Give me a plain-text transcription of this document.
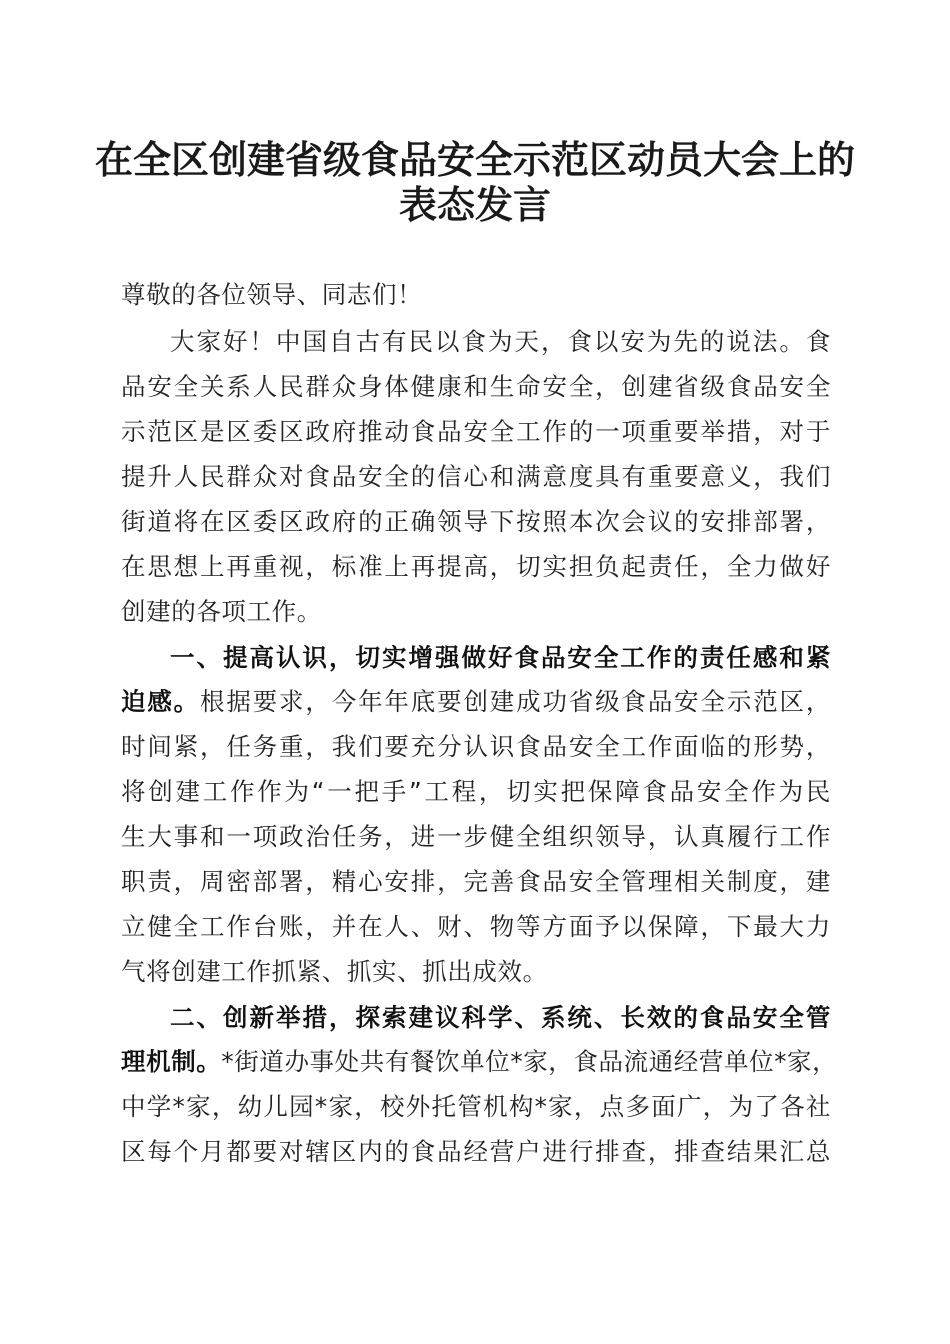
在全区创建省级食品安全示范区动员大会上的
表态发言
尊敬的各位领导、同志们！
大家好！中国自古有民以食为天，食以安为先的说法。食
品安全关系人民群众身体健康和生命安全，创建省级食品安全
示范区是区委区政府推动食品安全工作的一项重要举措，对于
提升人民群众对食品安全的信心和满意度具有重要意义，我们
街道将在区委区政府的正确领导下按照本次会议的安排部署，
在思想上再重视，标准上再提高，切实担负起责任，全力做好
创建的各项工作。
一、提高认识，切实增强做好食品安全工作的责任感和紧
迫感。根据要求，今年年底要创建成功省级食品安全示范区，
时间紧，任务重，我们要充分认识食品安全工作面临的形势，
将创建工作作为“一把手”工程，切实把保障食品安全作为民
生大事和一项政治任务，进一步健全组织领导，认真履行工作
职责，周密部署，精心安排，完善食品安全管理相关制度，建
立健全工作台账，并在人、财、物等方面予以保障，下最大力
气将创建工作抓紧、抓实、抓出成效。
二、创新举措，探索建议科学、系统、长效的食品安全管
理机制。*街道办事处共有餐饮单位*家，食品流通经营单位*家，
中学*家，幼儿园*家，校外托管机构*家，点多面广，为了各社
区每个月都要对辖区内的食品经营户进行排查，排查结果汇总
